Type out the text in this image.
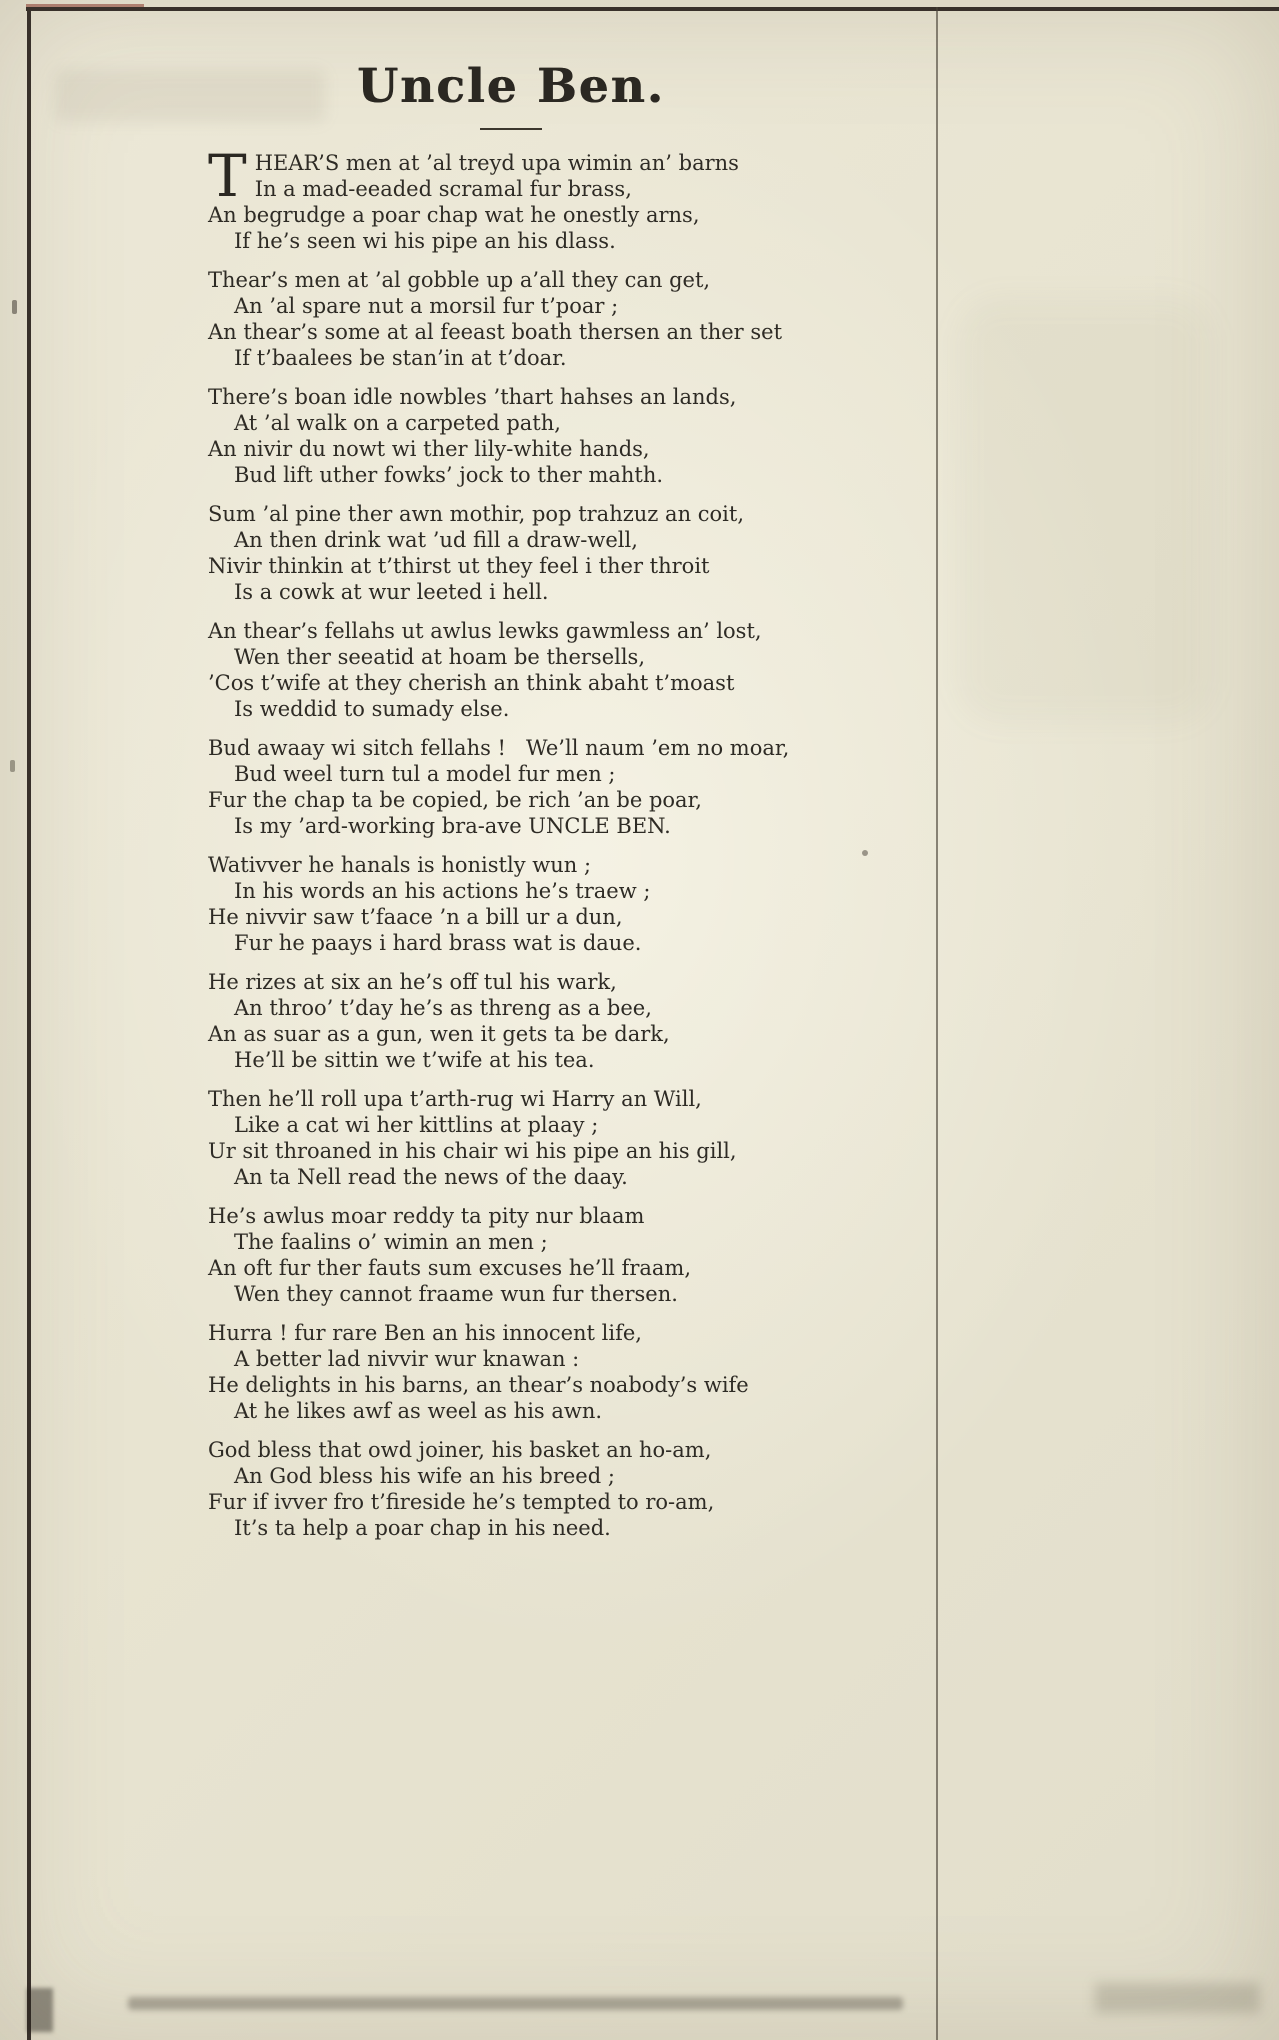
Uncle Ben.

THEAR’S men at ’al treyd upa wimin an’ barns

In a mad-eeaded scramal fur brass,

An begrudge a poar chap wat he onestly arns,

If he’s seen wi his pipe an his dlass.

Thear’s men at ’al gobble up a’all they can get,

An ’al spare nut a morsil fur t’poar ;

An thear’s some at al feeast boath thersen an ther set

If t’baalees be stan’in at t’doar.

There’s boan idle nowbles ’thart hahses an lands,

At ’al walk on a carpeted path,

An nivir du nowt wi ther lily-white hands,

Bud lift uther fowks’ jock to ther mahth.

Sum ’al pine ther awn mothir, pop trahzuz an coit,

An then drink wat ’ud fill a draw-well,

Nivir thinkin at t’thirst ut they feel i ther throit

Is a cowk at wur leeted i hell.

An thear’s fellahs ut awlus lewks gawmless an’ lost,

Wen ther seeatid at hoam be thersells,

’Cos t’wife at they cherish an think abaht t’moast

Is weddid to sumady else.

Bud awaay wi sitch fellahs !   We’ll naum ’em no moar,

Bud weel turn tul a model fur men ;

Fur the chap ta be copied, be rich ’an be poar,

Is my ’ard-working bra-ave UNCLE BEN.

Wativver he hanals is honistly wun ;

In his words an his actions he’s traew ;

He nivvir saw t’faace ’n a bill ur a dun,

Fur he paays i hard brass wat is daue.

He rizes at six an he’s off tul his wark,

An throo’ t’day he’s as threng as a bee,

An as suar as a gun, wen it gets ta be dark,

He’ll be sittin we t’wife at his tea.

Then he’ll roll upa t’arth-rug wi Harry an Will,

Like a cat wi her kittlins at plaay ;

Ur sit throaned in his chair wi his pipe an his gill,

An ta Nell read the news of the daay.

He’s awlus moar reddy ta pity nur blaam

The faalins o’ wimin an men ;

An oft fur ther fauts sum excuses he’ll fraam,

Wen they cannot fraame wun fur thersen.

Hurra ! fur rare Ben an his innocent life,

A better lad nivvir wur knawan :

He delights in his barns, an thear’s noabody’s wife

At he likes awf as weel as his awn.

God bless that owd joiner, his basket an ho-am,

An God bless his wife an his breed ;

Fur if ivver fro t’fireside he’s tempted to ro-am,

It’s ta help a poar chap in his need.
